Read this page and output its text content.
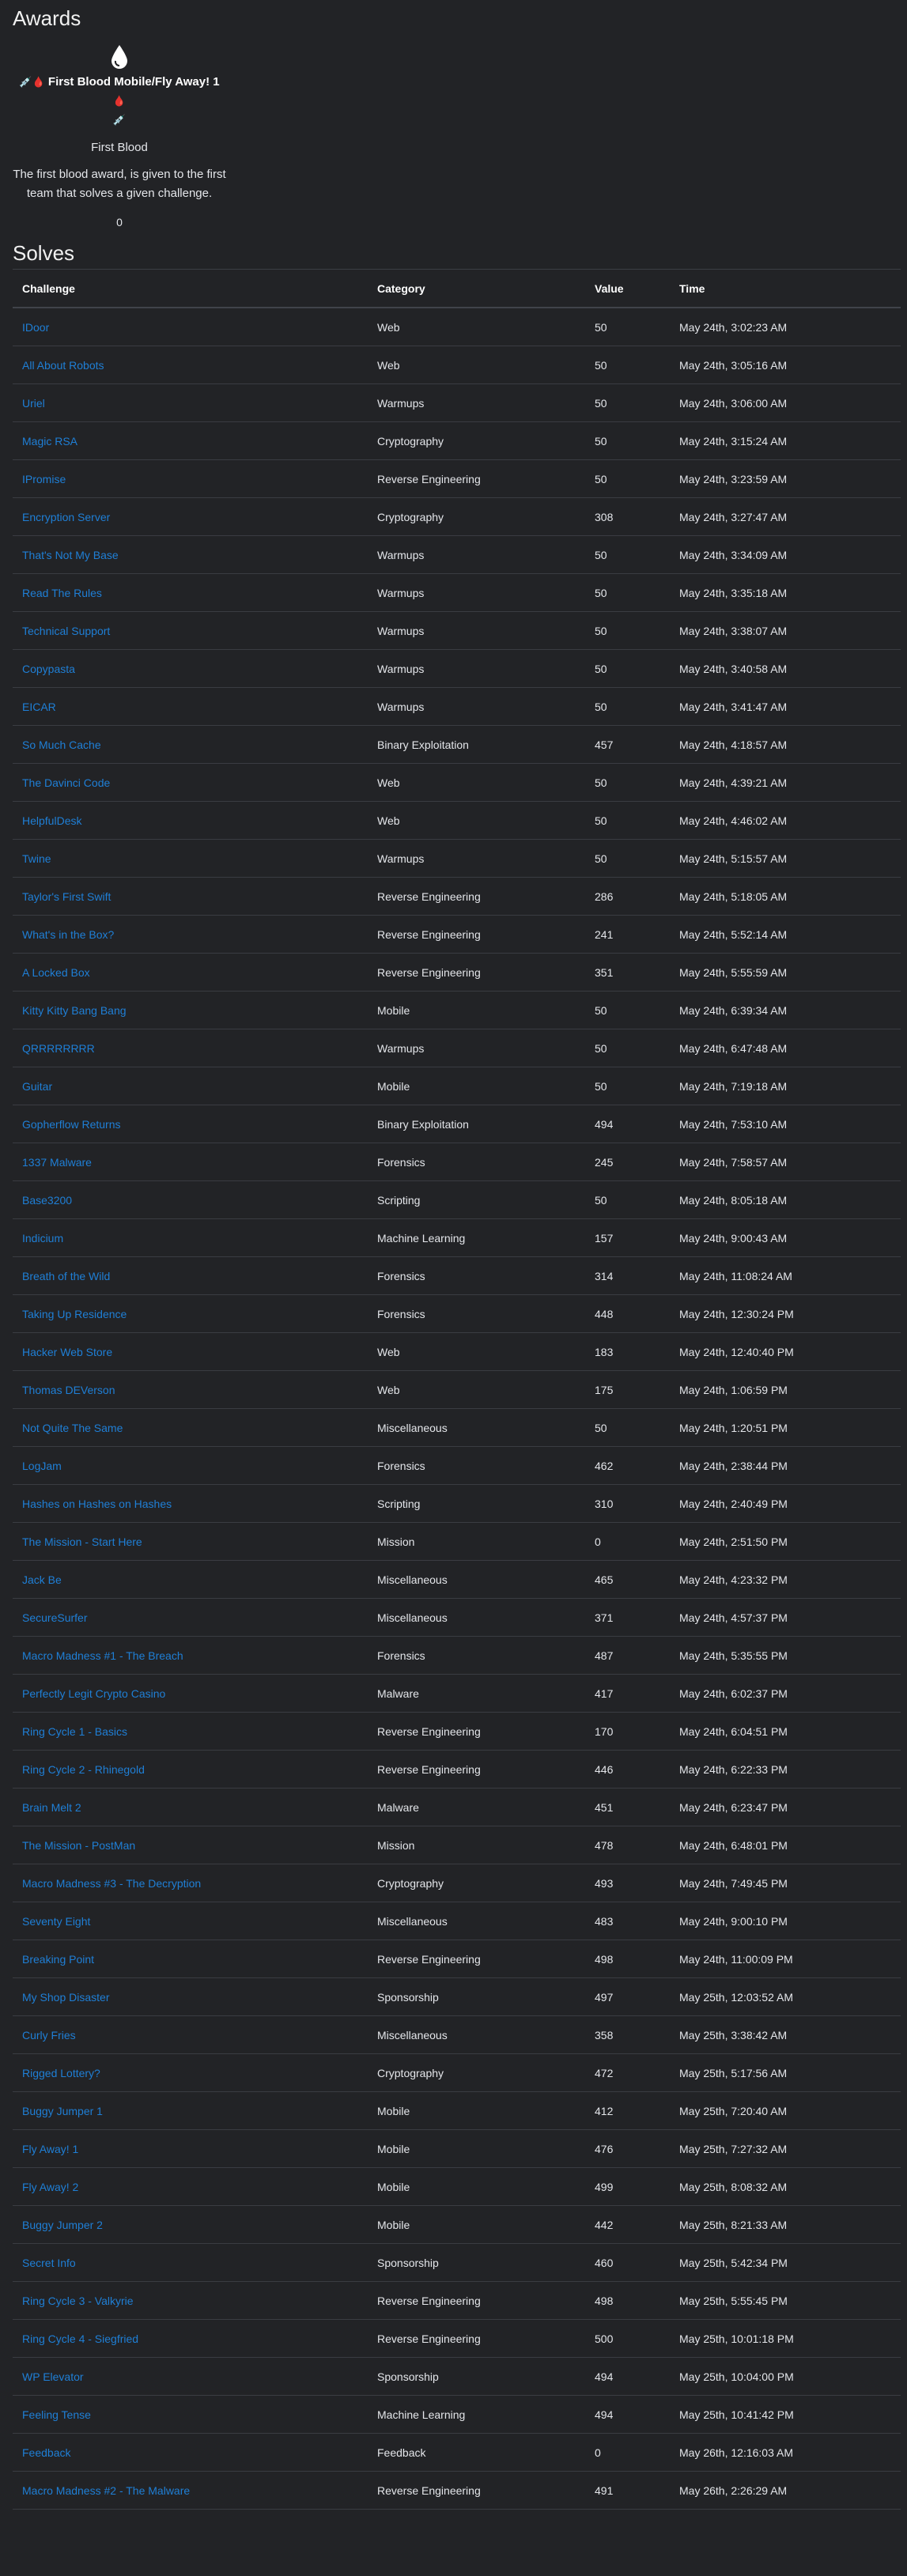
Awards
💉🩸 First Blood Mobile/Fly Away! 1 🩸
💉
First Blood
The first blood award, is given to the first team that solves a given challenge.
0
Solves
Challenge	Category	Value	Time
IDoor	Web	50	May 24th, 3:02:23 AM
All About Robots	Web	50	May 24th, 3:05:16 AM
Uriel	Warmups	50	May 24th, 3:06:00 AM
Magic RSA	Cryptography	50	May 24th, 3:15:24 AM
IPromise	Reverse Engineering	50	May 24th, 3:23:59 AM
Encryption Server	Cryptography	308	May 24th, 3:27:47 AM
That's Not My Base	Warmups	50	May 24th, 3:34:09 AM
Read The Rules	Warmups	50	May 24th, 3:35:18 AM
Technical Support	Warmups	50	May 24th, 3:38:07 AM
Copypasta	Warmups	50	May 24th, 3:40:58 AM
EICAR	Warmups	50	May 24th, 3:41:47 AM
So Much Cache	Binary Exploitation	457	May 24th, 4:18:57 AM
The Davinci Code	Web	50	May 24th, 4:39:21 AM
HelpfulDesk	Web	50	May 24th, 4:46:02 AM
Twine	Warmups	50	May 24th, 5:15:57 AM
Taylor's First Swift	Reverse Engineering	286	May 24th, 5:18:05 AM
What's in the Box?	Reverse Engineering	241	May 24th, 5:52:14 AM
A Locked Box	Reverse Engineering	351	May 24th, 5:55:59 AM
Kitty Kitty Bang Bang	Mobile	50	May 24th, 6:39:34 AM
QRRRRRRRR	Warmups	50	May 24th, 6:47:48 AM
Guitar	Mobile	50	May 24th, 7:19:18 AM
Gopherflow Returns	Binary Exploitation	494	May 24th, 7:53:10 AM
1337 Malware	Forensics	245	May 24th, 7:58:57 AM
Base3200	Scripting	50	May 24th, 8:05:18 AM
Indicium	Machine Learning	157	May 24th, 9:00:43 AM
Breath of the Wild	Forensics	314	May 24th, 11:08:24 AM
Taking Up Residence	Forensics	448	May 24th, 12:30:24 PM
Hacker Web Store	Web	183	May 24th, 12:40:40 PM
Thomas DEVerson	Web	175	May 24th, 1:06:59 PM
Not Quite The Same	Miscellaneous	50	May 24th, 1:20:51 PM
LogJam	Forensics	462	May 24th, 2:38:44 PM
Hashes on Hashes on Hashes	Scripting	310	May 24th, 2:40:49 PM
The Mission - Start Here	Mission	0	May 24th, 2:51:50 PM
Jack Be	Miscellaneous	465	May 24th, 4:23:32 PM
SecureSurfer	Miscellaneous	371	May 24th, 4:57:37 PM
Macro Madness #1 - The Breach	Forensics	487	May 24th, 5:35:55 PM
Perfectly Legit Crypto Casino	Malware	417	May 24th, 6:02:37 PM
Ring Cycle 1 - Basics	Reverse Engineering	170	May 24th, 6:04:51 PM
Ring Cycle 2 - Rhinegold	Reverse Engineering	446	May 24th, 6:22:33 PM
Brain Melt 2	Malware	451	May 24th, 6:23:47 PM
The Mission - PostMan	Mission	478	May 24th, 6:48:01 PM
Macro Madness #3 - The Decryption	Cryptography	493	May 24th, 7:49:45 PM
Seventy Eight	Miscellaneous	483	May 24th, 9:00:10 PM
Breaking Point	Reverse Engineering	498	May 24th, 11:00:09 PM
My Shop Disaster	Sponsorship	497	May 25th, 12:03:52 AM
Curly Fries	Miscellaneous	358	May 25th, 3:38:42 AM
Rigged Lottery?	Cryptography	472	May 25th, 5:17:56 AM
Buggy Jumper 1	Mobile	412	May 25th, 7:20:40 AM
Fly Away! 1	Mobile	476	May 25th, 7:27:32 AM
Fly Away! 2	Mobile	499	May 25th, 8:08:32 AM
Buggy Jumper 2	Mobile	442	May 25th, 8:21:33 AM
Secret Info	Sponsorship	460	May 25th, 5:42:34 PM
Ring Cycle 3 - Valkyrie	Reverse Engineering	498	May 25th, 5:55:45 PM
Ring Cycle 4 - Siegfried	Reverse Engineering	500	May 25th, 10:01:18 PM
WP Elevator	Sponsorship	494	May 25th, 10:04:00 PM
Feeling Tense	Machine Learning	494	May 25th, 10:41:42 PM
Feedback	Feedback	0	May 26th, 12:16:03 AM
Macro Madness #2 - The Malware	Reverse Engineering	491	May 26th, 2:26:29 AM
